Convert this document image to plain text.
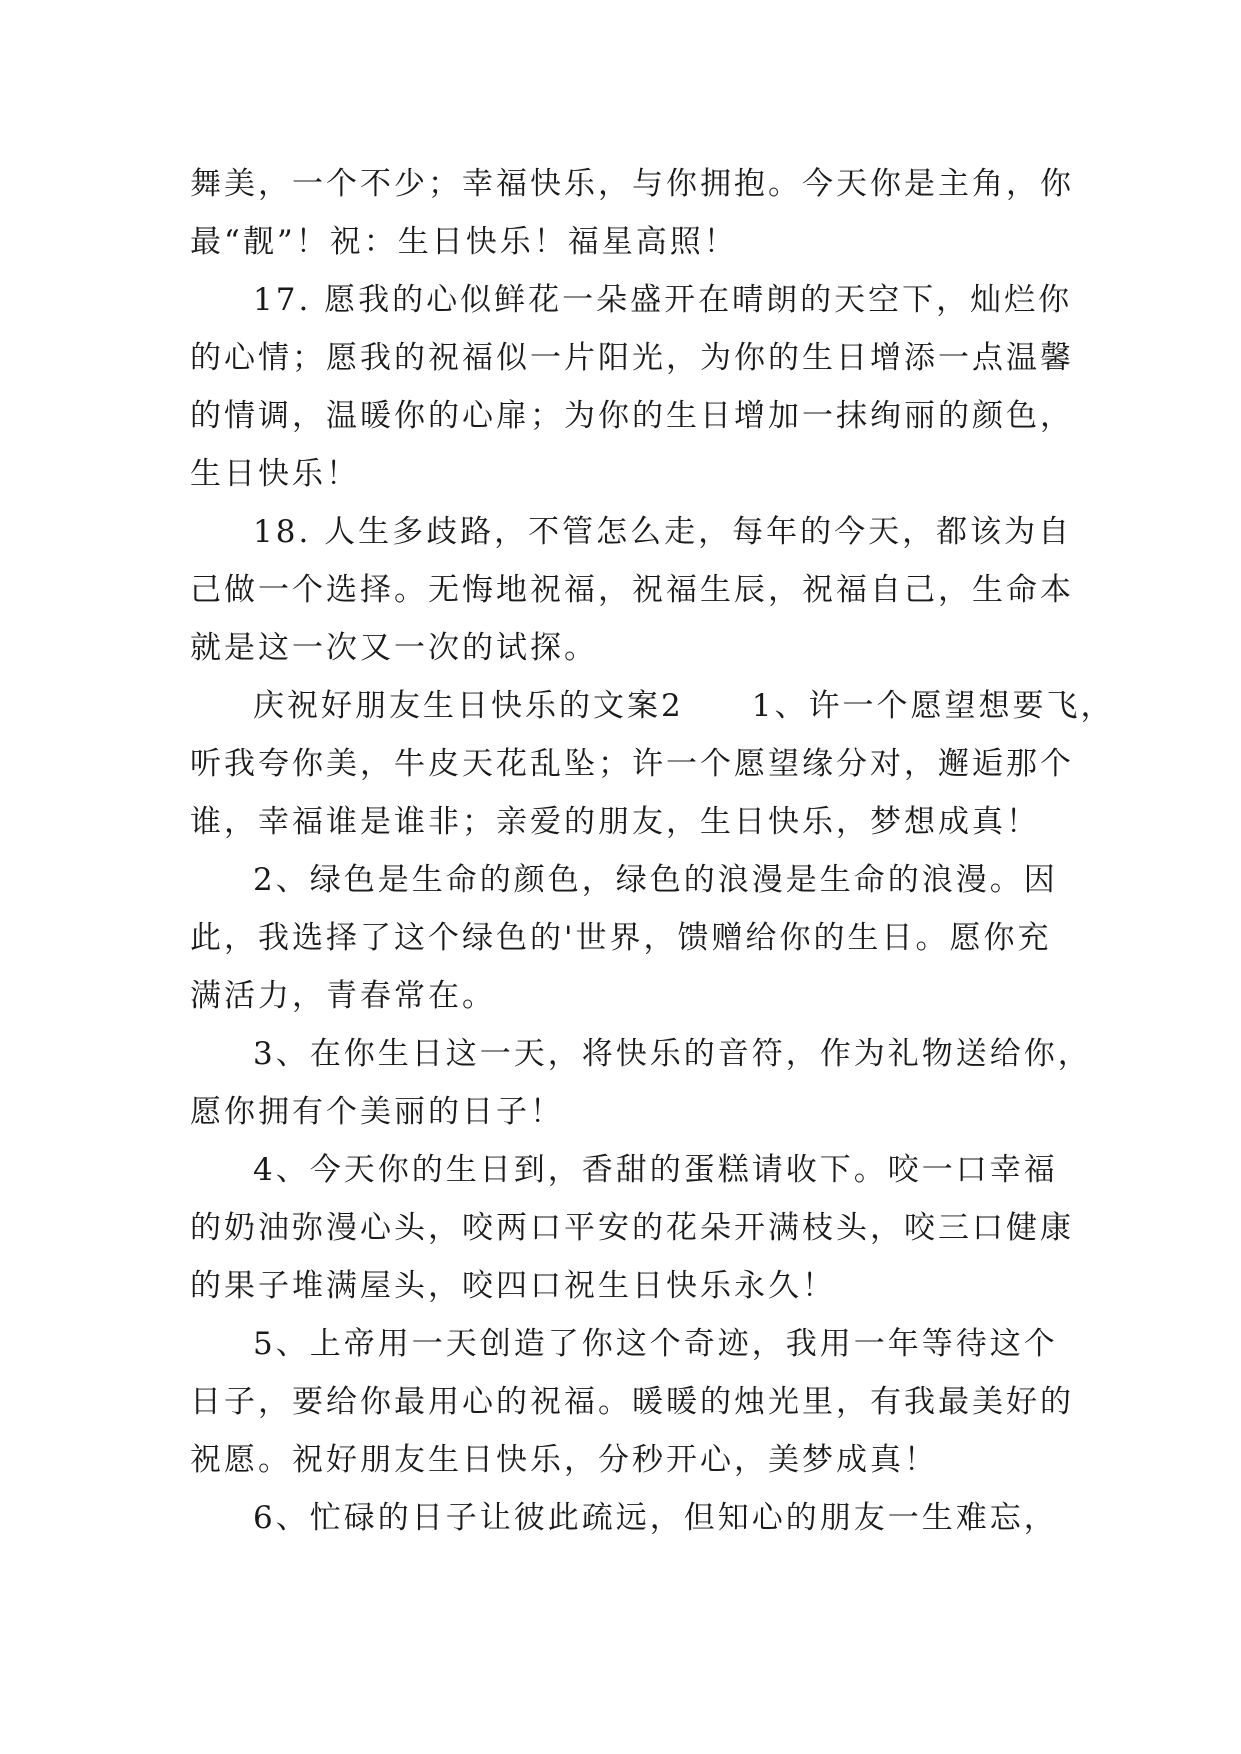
舞美，一个不少；幸福快乐，与你拥抱。今天你是主角，你
最“靓”！祝：生日快乐！福星高照！
17. 愿我的心似鲜花一朵盛开在晴朗的天空下，灿烂你
的心情；愿我的祝福似一片阳光，为你的生日增添一点温馨
的情调，温暖你的心扉；为你的生日增加一抹绚丽的颜色，
生日快乐！
18. 人生多歧路，不管怎么走，每年的今天，都该为自
己做一个选择。无悔地祝福，祝福生辰，祝福自己，生命本
就是这一次又一次的试探。
庆祝好朋友生日快乐的文案2　　1、许一个愿望想要飞，
听我夸你美，牛皮天花乱坠；许一个愿望缘分对，邂逅那个
谁，幸福谁是谁非；亲爱的朋友，生日快乐，梦想成真！
2、绿色是生命的颜色，绿色的浪漫是生命的浪漫。因
此，我选择了这个绿色的'世界，馈赠给你的生日。愿你充
满活力，青春常在。
3、在你生日这一天，将快乐的音符，作为礼物送给你，
愿你拥有个美丽的日子！
4、今天你的生日到，香甜的蛋糕请收下。咬一口幸福
的奶油弥漫心头，咬两口平安的花朵开满枝头，咬三口健康
的果子堆满屋头，咬四口祝生日快乐永久！
5、上帝用一天创造了你这个奇迹，我用一年等待这个
日子，要给你最用心的祝福。暖暖的烛光里，有我最美好的
祝愿。祝好朋友生日快乐，分秒开心，美梦成真！
6、忙碌的日子让彼此疏远，但知心的朋友一生难忘，
